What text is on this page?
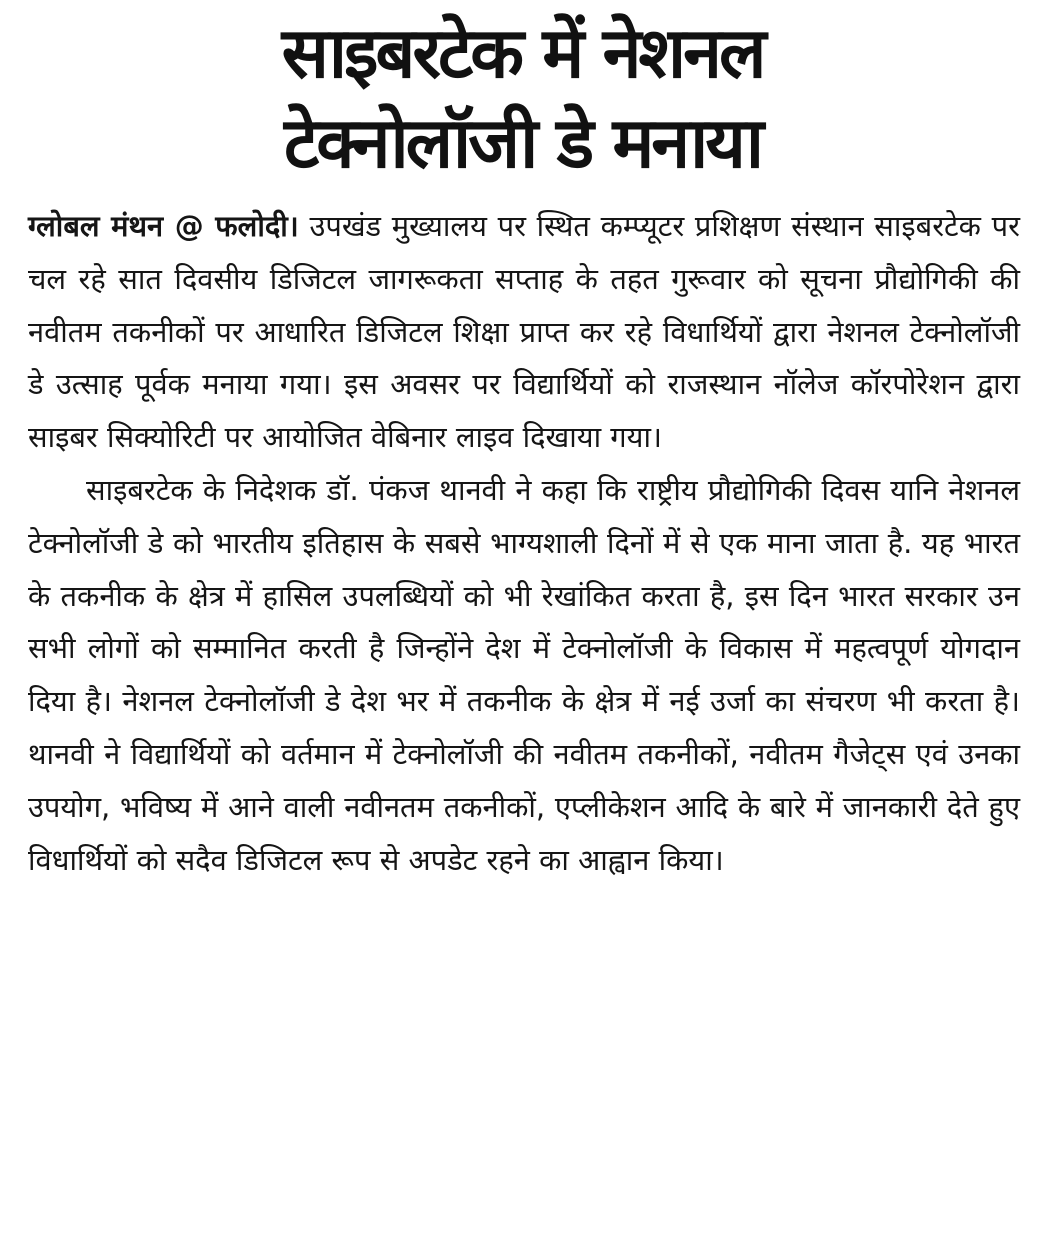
साइबरटेक में नेशनल
टेक्नोलॉजी डे मनाया

ग्लोबल मंथन @ फलोदी। उपखंड मुख्यालय पर स्थित कम्प्यूटर प्रशिक्षण संस्थान साइबरटेक पर चल रहे सात दिवसीय डिजिटल जागरूकता सप्ताह के तहत गुरूवार को सूचना प्रौद्योगिकी की नवीतम तकनीकों पर आधारित डिजिटल शिक्षा प्राप्त कर रहे विधार्थियों द्वारा नेशनल टेक्नोलॉजी डे उत्साह पूर्वक मनाया गया। इस अवसर पर विद्यार्थियों को राजस्थान नॉलेज कॉरपोरेशन द्वारा साइबर सिक्योरिटी पर आयोजित वेबिनार लाइव दिखाया गया।

साइबरटेक के निदेशक डॉ. पंकज थानवी ने कहा कि राष्ट्रीय प्रौद्योगिकी दिवस यानि नेशनल टेक्नोलॉजी डे को भारतीय इतिहास के सबसे भाग्यशाली दिनों में से एक माना जाता है. यह भारत के तकनीक के क्षेत्र में हासिल उपलब्धियों को भी रेखांकित करता है, इस दिन भारत सरकार उन सभी लोगों को सम्मानित करती है जिन्होंने देश में टेक्नोलॉजी के विकास में महत्वपूर्ण योगदान दिया है। नेशनल टेक्नोलॉजी डे देश भर में तकनीक के क्षेत्र में नई उर्जा का संचरण भी करता है। थानवी ने विद्यार्थियों को वर्तमान में टेक्नोलॉजी की नवीतम तकनीकों, नवीतम गैजेट्स एवं उनका उपयोग, भविष्य में आने वाली नवीनतम तकनीकों, एप्लीकेशन आदि के बारे में जानकारी देते हुए विधार्थियों को सदैव डिजिटल रूप से अपडेट रहने का आह्वान किया।
